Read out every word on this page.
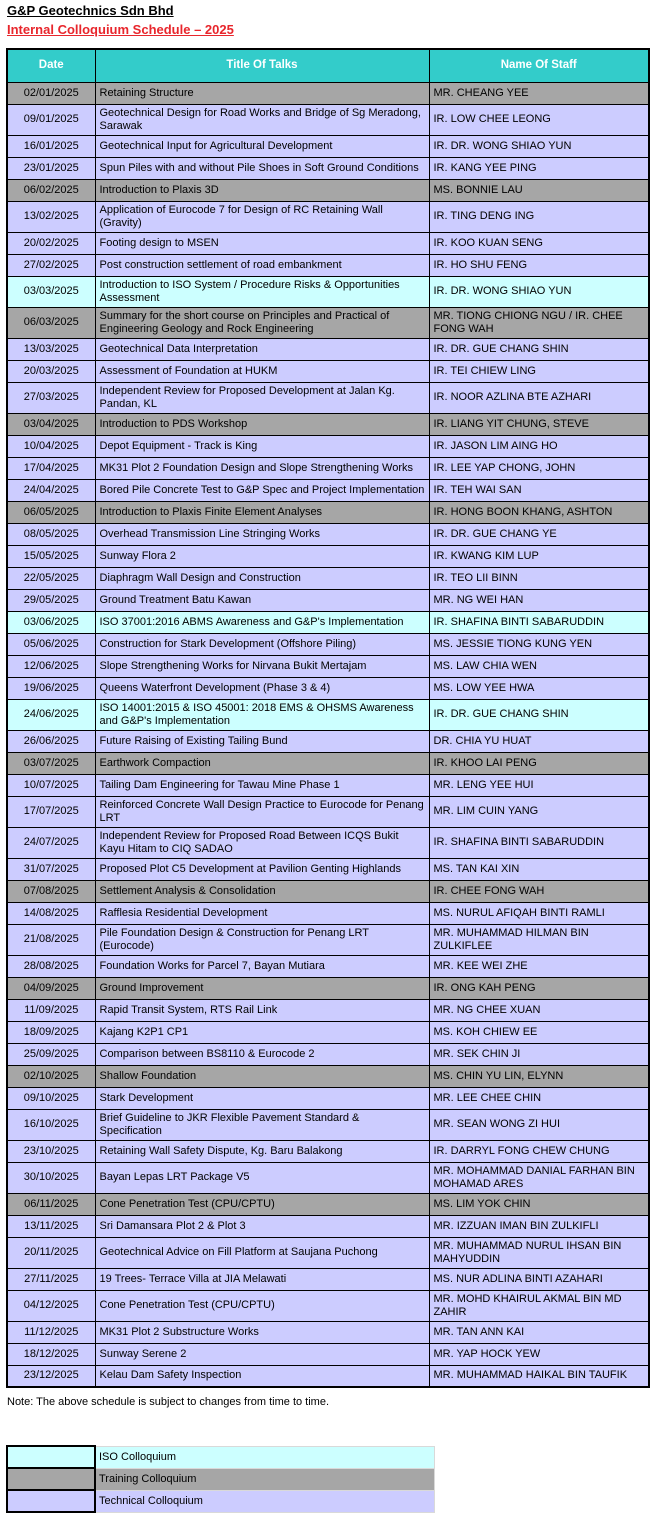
G&P Geotechnics Sdn Bhd
Internal Colloquium Schedule – 2025
Date	Title Of Talks	Name Of Staff
02/01/2025	Retaining Structure	MR. CHEANG YEE
09/01/2025	Geotechnical Design for Road Works and Bridge of Sg Meradong, Sarawak	IR. LOW CHEE LEONG
16/01/2025	Geotechnical Input for Agricultural Development	IR. DR. WONG SHIAO YUN
23/01/2025	Spun Piles with and without Pile Shoes in Soft Ground Conditions	IR. KANG YEE PING
06/02/2025	Introduction to Plaxis 3D	MS. BONNIE LAU
13/02/2025	Application of Eurocode 7 for Design of RC Retaining Wall (Gravity)	IR. TING DENG ING
20/02/2025	Footing design to MSEN	IR. KOO KUAN SENG
27/02/2025	Post construction settlement of road embankment	IR. HO SHU FENG
03/03/2025	Introduction to ISO System / Procedure Risks & Opportunities Assessment	IR. DR. WONG SHIAO YUN
06/03/2025	Summary for the short course on Principles and Practical of Engineering Geology and Rock Engineering	MR. TIONG CHIONG NGU / IR. CHEE FONG WAH
13/03/2025	Geotechnical Data Interpretation	IR. DR. GUE CHANG SHIN
20/03/2025	Assessment of Foundation at HUKM	IR. TEI CHIEW LING
27/03/2025	Independent Review for Proposed Development at Jalan Kg. Pandan, KL	IR. NOOR AZLINA BTE AZHARI
03/04/2025	Introduction to PDS Workshop	IR. LIANG YIT CHUNG, STEVE
10/04/2025	Depot Equipment - Track is King	IR. JASON LIM AING HO
17/04/2025	MK31 Plot 2 Foundation Design and Slope Strengthening Works	IR. LEE YAP CHONG, JOHN
24/04/2025	Bored Pile Concrete Test to G&P Spec and Project Implementation	IR. TEH WAI SAN
06/05/2025	Introduction to Plaxis Finite Element Analyses	IR. HONG BOON KHANG, ASHTON
08/05/2025	Overhead Transmission Line Stringing Works	IR. DR. GUE CHANG YE
15/05/2025	Sunway Flora 2	IR. KWANG KIM LUP
22/05/2025	Diaphragm Wall Design and Construction	IR. TEO LII BINN
29/05/2025	Ground Treatment Batu Kawan	MR. NG WEI HAN
03/06/2025	ISO 37001:2016 ABMS Awareness and G&P's Implementation	IR. SHAFINA BINTI SABARUDDIN
05/06/2025	Construction for Stark Development (Offshore Piling)	MS. JESSIE TIONG KUNG YEN
12/06/2025	Slope Strengthening Works for Nirvana Bukit Mertajam	MS. LAW CHIA WEN
19/06/2025	Queens Waterfront Development (Phase 3 & 4)	MS. LOW YEE HWA
24/06/2025	ISO 14001:2015 & ISO 45001: 2018 EMS & OHSMS Awareness and G&P's Implementation	IR. DR. GUE CHANG SHIN
26/06/2025	Future Raising of Existing Tailing Bund	DR. CHIA YU HUAT
03/07/2025	Earthwork Compaction	IR. KHOO LAI PENG
10/07/2025	Tailing Dam Engineering for Tawau Mine Phase 1	MR. LENG YEE HUI
17/07/2025	Reinforced Concrete Wall Design Practice to Eurocode for Penang LRT	MR. LIM CUIN YANG
24/07/2025	Independent Review for Proposed Road Between ICQS Bukit Kayu Hitam to CIQ SADAO	IR. SHAFINA BINTI SABARUDDIN
31/07/2025	Proposed Plot C5 Development at Pavilion Genting Highlands	MS. TAN KAI XIN
07/08/2025	Settlement Analysis & Consolidation	IR. CHEE FONG WAH
14/08/2025	Rafflesia Residential Development	MS. NURUL AFIQAH BINTI RAMLI
21/08/2025	Pile Foundation Design & Construction for Penang LRT (Eurocode)	MR. MUHAMMAD HILMAN BIN ZULKIFLEE
28/08/2025	Foundation Works for Parcel 7, Bayan Mutiara	MR. KEE WEI ZHE
04/09/2025	Ground Improvement	IR. ONG KAH PENG
11/09/2025	Rapid Transit System, RTS Rail Link	MR. NG CHEE XUAN
18/09/2025	Kajang K2P1 CP1	MS. KOH CHIEW EE
25/09/2025	Comparison between BS8110 & Eurocode 2	MR. SEK CHIN JI
02/10/2025	Shallow Foundation	MS. CHIN YU LIN, ELYNN
09/10/2025	Stark Development	MR. LEE CHEE CHIN
16/10/2025	Brief Guideline to JKR Flexible Pavement Standard & Specification	MR. SEAN WONG ZI HUI
23/10/2025	Retaining Wall Safety Dispute, Kg. Baru Balakong	IR. DARRYL FONG CHEW CHUNG
30/10/2025	Bayan Lepas LRT Package V5	MR. MOHAMMAD DANIAL FARHAN BIN MOHAMAD ARES
06/11/2025	Cone Penetration Test (CPU/CPTU)	MS. LIM YOK CHIN
13/11/2025	Sri Damansara Plot 2 & Plot 3	MR. IZZUAN IMAN BIN ZULKIFLI
20/11/2025	Geotechnical Advice on Fill Platform at Saujana Puchong	MR. MUHAMMAD NURUL IHSAN BIN MAHYUDDIN
27/11/2025	19 Trees- Terrace Villa at JIA Melawati	MS. NUR ADLINA BINTI AZAHARI
04/12/2025	Cone Penetration Test (CPU/CPTU)	MR. MOHD KHAIRUL AKMAL BIN MD ZAHIR
11/12/2025	MK31 Plot 2 Substructure Works	MR. TAN ANN KAI
18/12/2025	Sunway Serene 2	MR. YAP HOCK YEW
23/12/2025	Kelau Dam Safety Inspection	MR. MUHAMMAD HAIKAL BIN TAUFIK
Note: The above schedule is subject to changes from time to time.
	ISO Colloquium
	Training Colloquium
	Technical Colloquium
